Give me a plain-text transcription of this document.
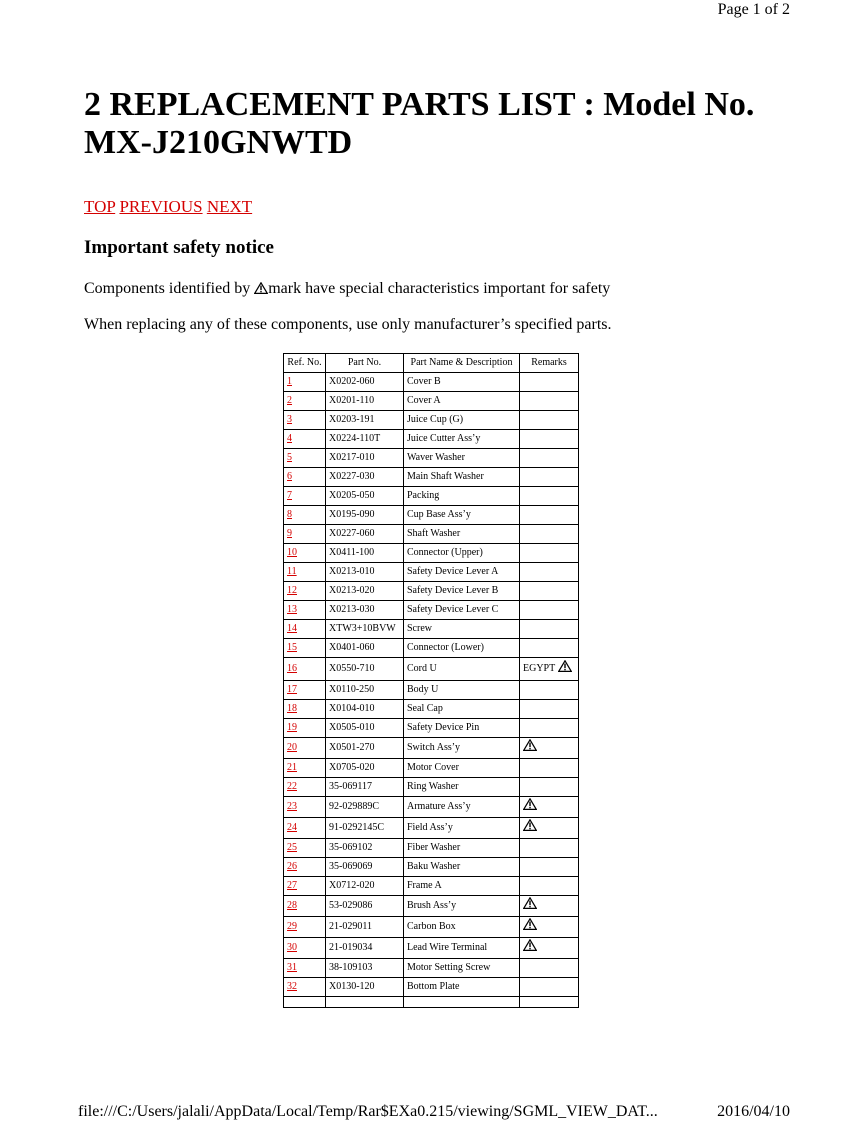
Page 1 of 2
2 REPLACEMENT PARTS LIST : Model No. MX-J210GNWTD
TOP PREVIOUS NEXT
Important safety notice
Components identified by
mark have special characteristics important for safety
When replacing any of these components, use only manufacturer’s specified parts.
Ref. No.	Part No.	Part Name & Description	Remarks
1	X0202-060	Cover B	
2	X0201-110	Cover A	
3	X0203-191	Juice Cup (G)	
4	X0224-110T	Juice Cutter Ass’y	
5	X0217-010	Waver Washer	
6	X0227-030	Main Shaft Washer	
7	X0205-050	Packing	
8	X0195-090	Cup Base Ass’y	
9	X0227-060	Shaft Washer	
10	X0411-100	Connector (Upper)	
11	X0213-010	Safety Device Lever A	
12	X0213-020	Safety Device Lever B	
13	X0213-030	Safety Device Lever C	
14	XTW3+10BVW	Screw	
15	X0401-060	Connector (Lower)	
16	X0550-710	Cord U	EGYPT

17	X0110-250	Body U	
18	X0104-010	Seal Cap	
19	X0505-010	Safety Device Pin	
20	X0501-270	Switch Ass’y	

21	X0705-020	Motor Cover	
22	35-069117	Ring Washer	
23	92-029889C	Armature Ass’y	

24	91-0292145C	Field Ass’y	

25	35-069102	Fiber Washer	
26	35-069069	Baku Washer	
27	X0712-020	Frame A	
28	53-029086	Brush Ass’y	

29	21-029011	Carbon Box	

30	21-019034	Lead Wire Terminal	

31	38-109103	Motor Setting Screw	
32	X0130-120	Bottom Plate	

file:///C:/Users/jalali/AppData/Local/Temp/Rar$EXa0.215/viewing/SGML_VIEW_DAT...	2016/04/10
